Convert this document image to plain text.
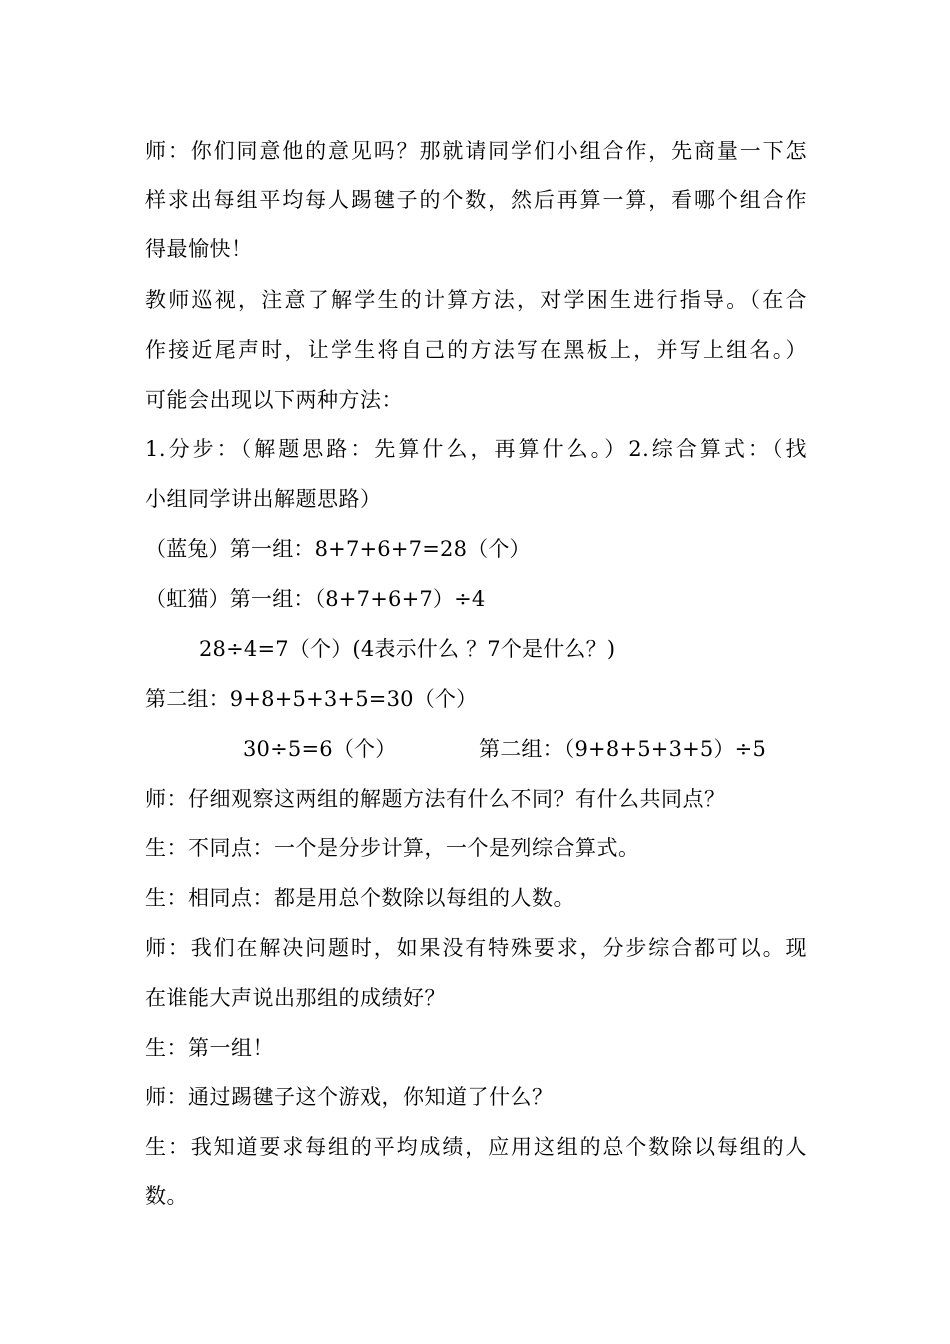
师：你们同意他的意见吗？那就请同学们小组合作，先商量一下怎
样求出每组平均每人踢毽子的个数，然后再算一算，看哪个组合作
得最愉快！
教师巡视，注意了解学生的计算方法，对学困生进行指导。（在合
作接近尾声时，让学生将自己的方法写在黑板上，并写上组名。）
可能会出现以下两种方法：
1.分步：（解题思路：先算什么，再算什么。）2.综合算式：（找
小组同学讲出解题思路）
（蓝兔）第一组：8+7+6+7=28（个）
（虹猫）第一组：（8+7+6+7）÷4
28÷4=7（个）(4表示什么 ？7个是什么？)
第二组：9+8+5+3+5=30（个）
30÷5=6（个）	第二组：（9+8+5+3+5）÷5
师：仔细观察这两组的解题方法有什么不同？有什么共同点？
生：不同点：一个是分步计算，一个是列综合算式。
生：相同点：都是用总个数除以每组的人数。
师：我们在解决问题时，如果没有特殊要求，分步综合都可以。现
在谁能大声说出那组的成绩好？
生：第一组！
师：通过踢毽子这个游戏，你知道了什么？
生：我知道要求每组的平均成绩，应用这组的总个数除以每组的人
数。
